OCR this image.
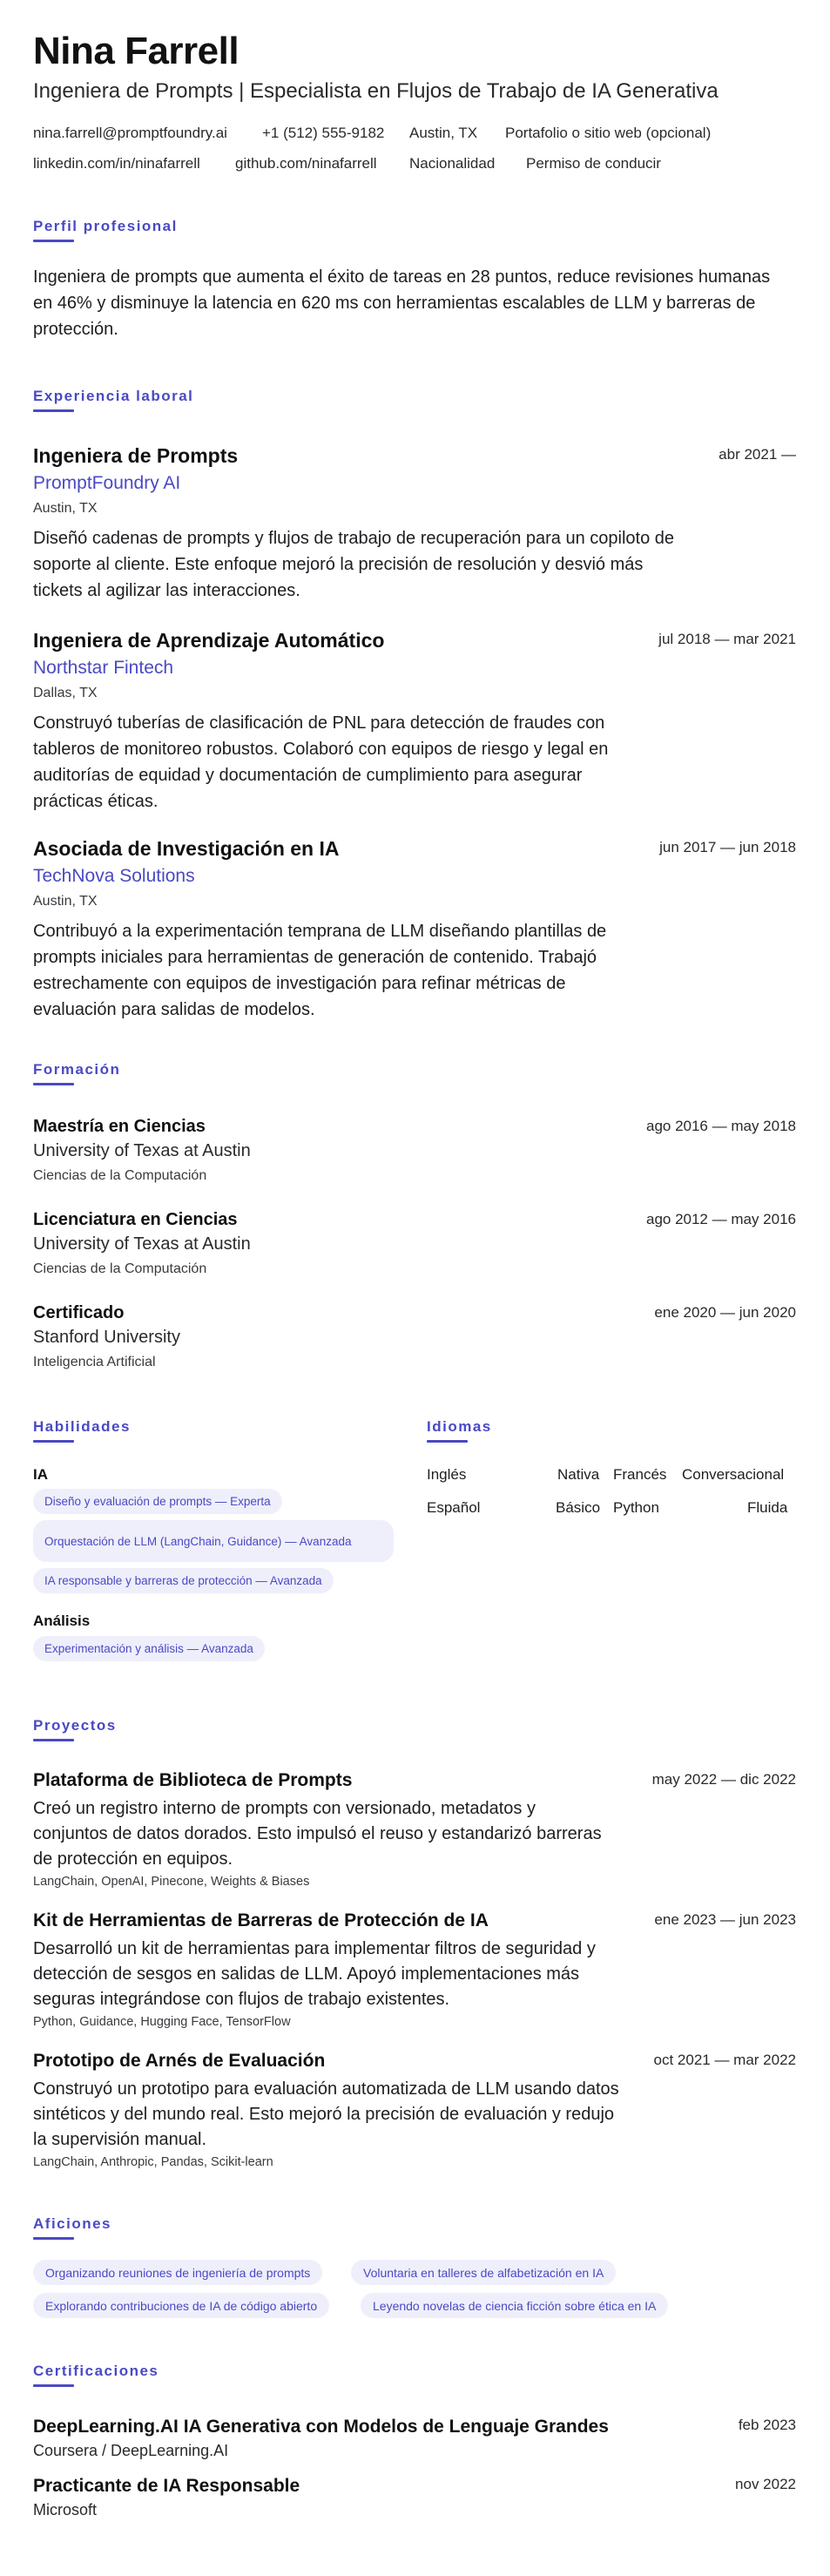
Nina Farrell
Ingeniera de Prompts | Especialista en Flujos de Trabajo de IA Generativa
nina.farrell@promptfoundry.ai +1 (512) 555-9182 Austin, TX Portafolio o sitio web (opcional)
linkedin.com/in/ninafarrell github.com/ninafarrell Nacionalidad Permiso de conducir
Perfil profesional
Ingeniera de prompts que aumenta el éxito de tareas en 28 puntos, reduce revisiones humanas
en 46% y disminuye la latencia en 620 ms con herramientas escalables de LLM y barreras de
protección.
Experiencia laboral
Ingeniera de Prompts	abr 2021 —
PromptFoundry AI
Austin, TX
Diseñó cadenas de prompts y flujos de trabajo de recuperación para un copiloto de
soporte al cliente. Este enfoque mejoró la precisión de resolución y desvió más
tickets al agilizar las interacciones.
Ingeniera de Aprendizaje Automático	jul 2018 — mar 2021
Northstar Fintech
Dallas, TX
Construyó tuberías de clasificación de PNL para detección de fraudes con
tableros de monitoreo robustos. Colaboró con equipos de riesgo y legal en
auditorías de equidad y documentación de cumplimiento para asegurar
prácticas éticas.
Asociada de Investigación en IA	jun 2017 — jun 2018
TechNova Solutions
Austin, TX
Contribuyó a la experimentación temprana de LLM diseñando plantillas de
prompts iniciales para herramientas de generación de contenido. Trabajó
estrechamente con equipos de investigación para refinar métricas de
evaluación para salidas de modelos.
Formación
Maestría en Ciencias	ago 2016 — may 2018
University of Texas at Austin
Ciencias de la Computación
Licenciatura en Ciencias	ago 2012 — may 2016
University of Texas at Austin
Ciencias de la Computación
Certificado	ene 2020 — jun 2020
Stanford University
Inteligencia Artificial
Habilidades
IA
Diseño y evaluación de prompts — Experta
Orquestación de LLM (LangChain, Guidance) — Avanzada
IA responsable y barreras de protección — Avanzada
Análisis
Experimentación y análisis — Avanzada
Idiomas
Inglés	Nativa Francés Conversacional
Español	Básico Python	Fluida
Proyectos
Plataforma de Biblioteca de Prompts	may 2022 — dic 2022
Creó un registro interno de prompts con versionado, metadatos y
conjuntos de datos dorados. Esto impulsó el reuso y estandarizó barreras
de protección en equipos.
LangChain, OpenAI, Pinecone, Weights & Biases
Kit de Herramientas de Barreras de Protección de IA	ene 2023 — jun 2023
Desarrolló un kit de herramientas para implementar filtros de seguridad y
detección de sesgos en salidas de LLM. Apoyó implementaciones más
seguras integrándose con flujos de trabajo existentes.
Python, Guidance, Hugging Face, TensorFlow
Prototipo de Arnés de Evaluación	oct 2021 — mar 2022
Construyó un prototipo para evaluación automatizada de LLM usando datos
sintéticos y del mundo real. Esto mejoró la precisión de evaluación y redujo
la supervisión manual.
LangChain, Anthropic, Pandas, Scikit-learn
Aficiones
Organizando reuniones de ingeniería de prompts	Voluntaria en talleres de alfabetización en IA
Explorando contribuciones de IA de código abierto	Leyendo novelas de ciencia ficción sobre ética en IA
Certificaciones
DeepLearning.AI IA Generativa con Modelos de Lenguaje Grandes	feb 2023
Coursera / DeepLearning.AI
Practicante de IA Responsable	nov 2022
Microsoft
